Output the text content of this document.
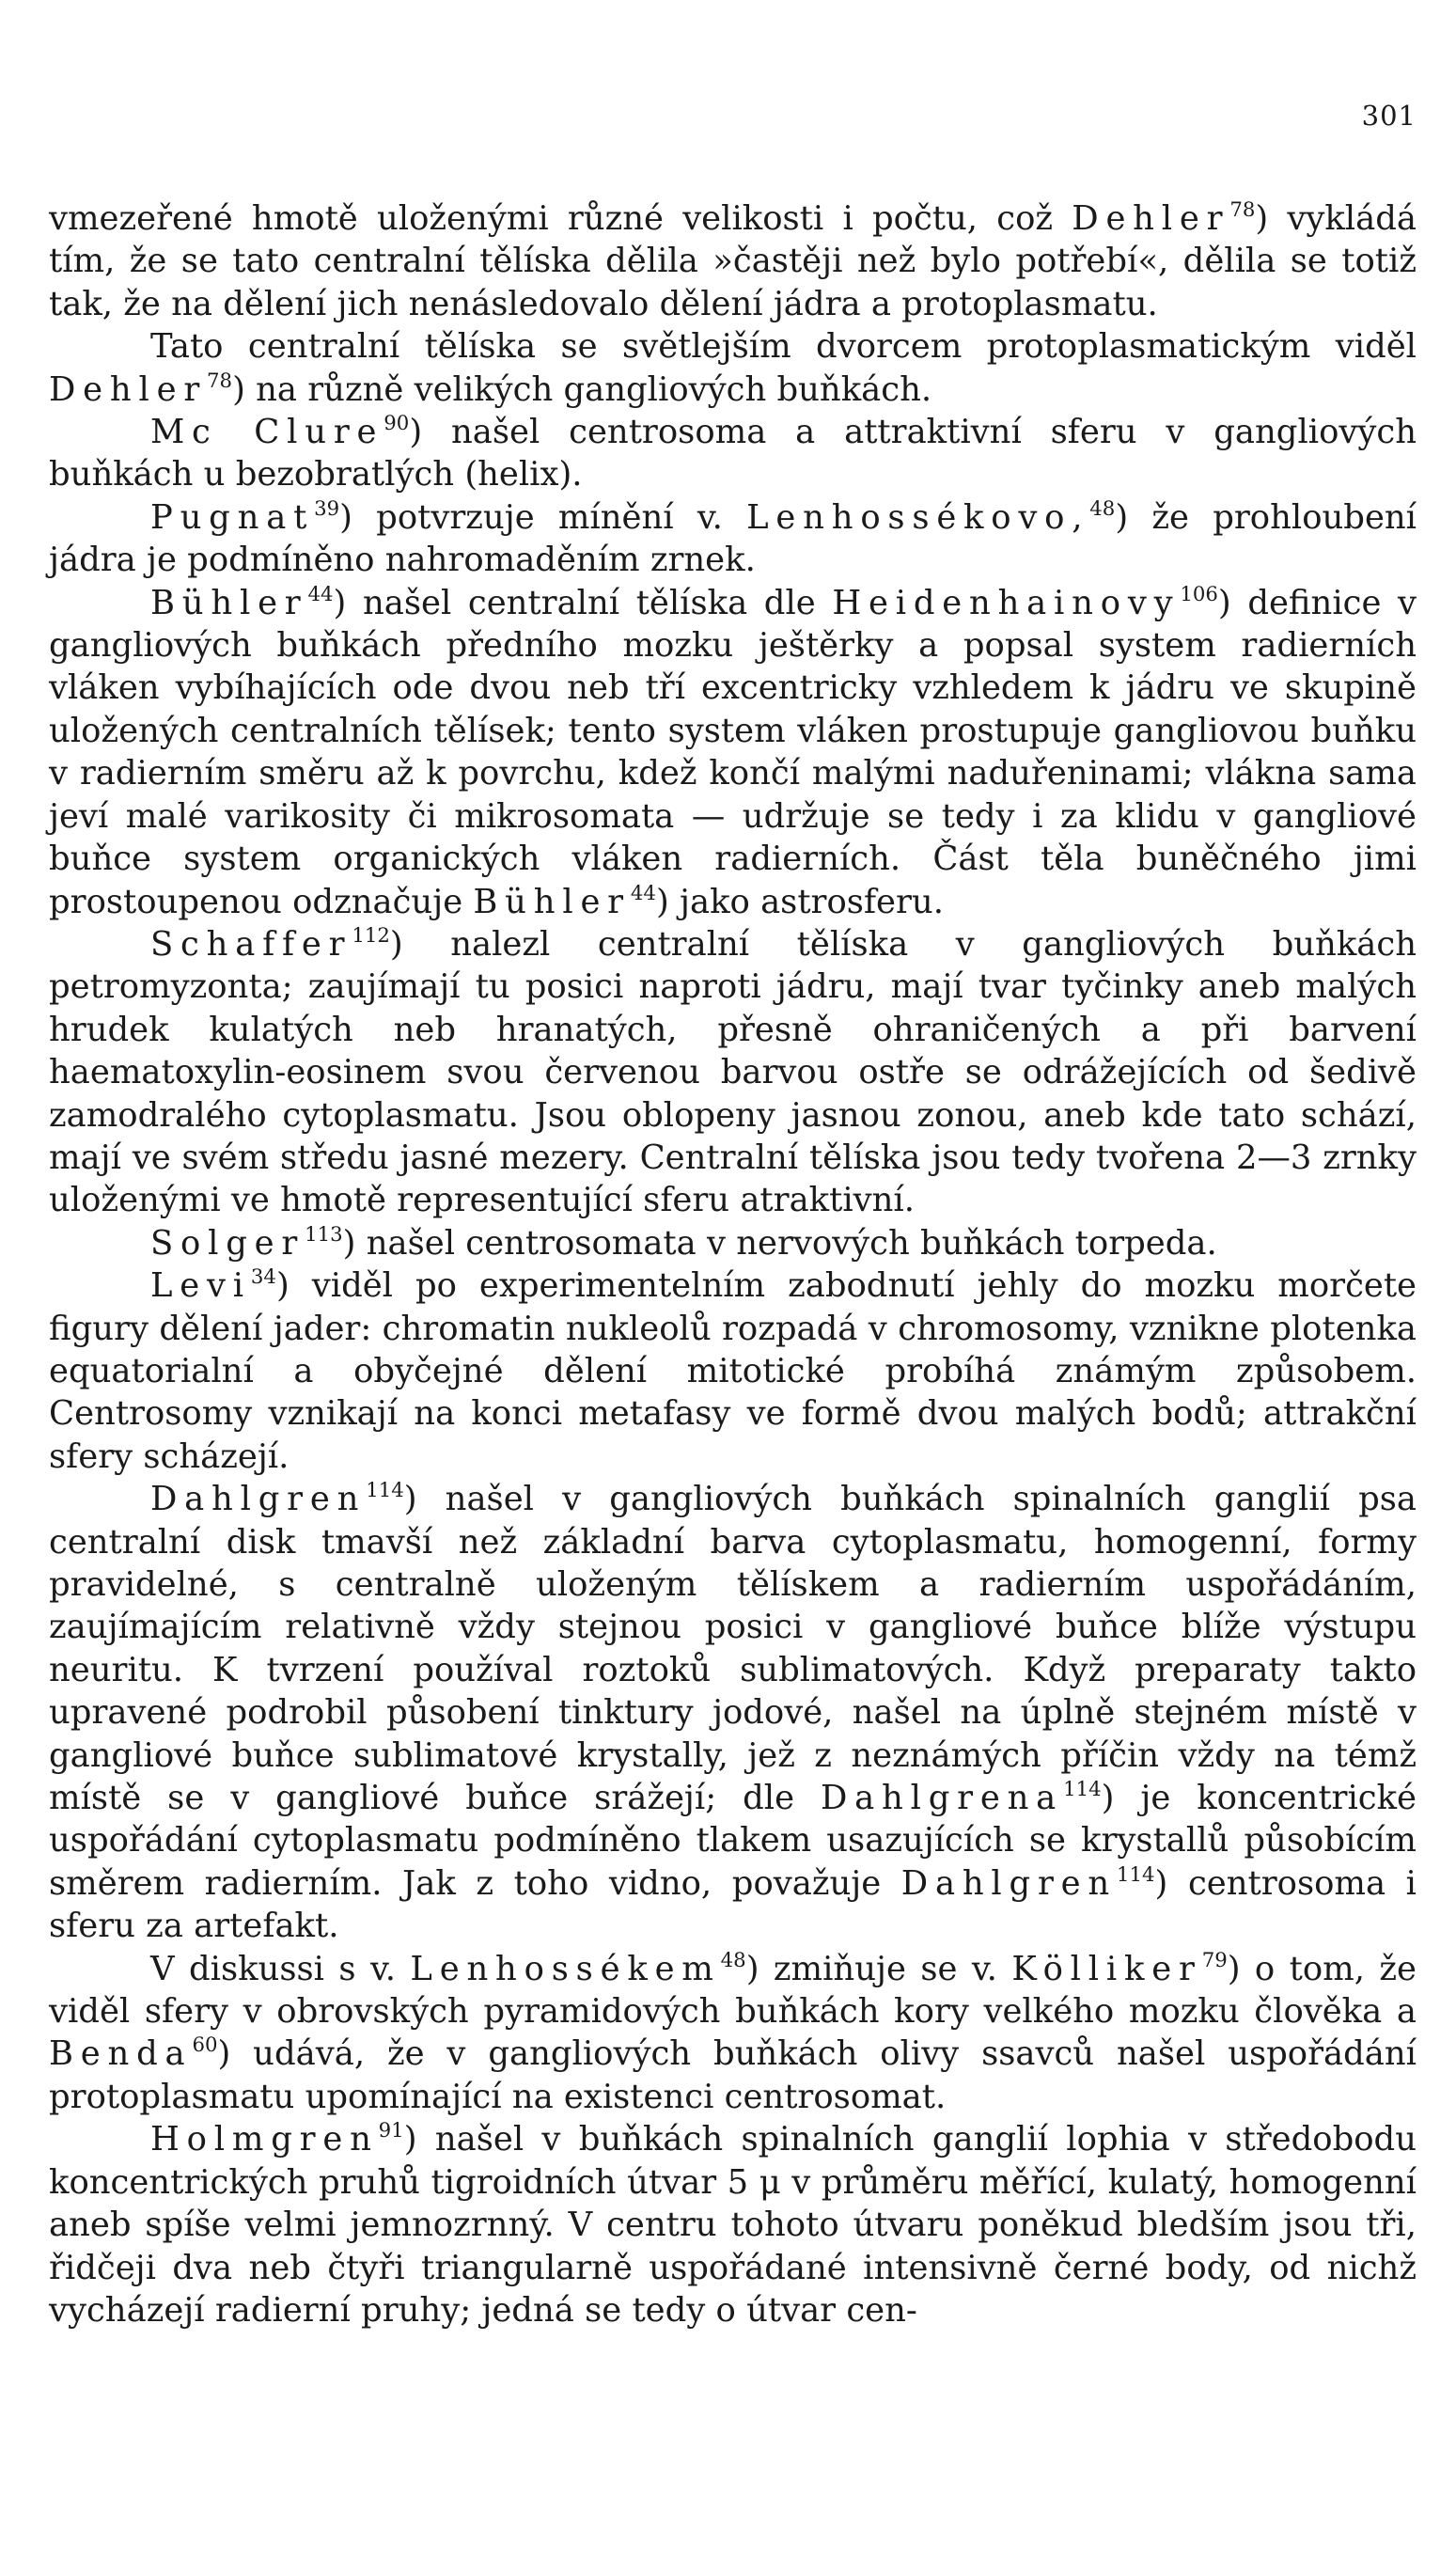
301

vmezeřené hmotě uloženými různé velikosti i počtu, což Dehler$^{78}$) vykládá tím, že se tato centralní tělíska dělila »častěji než bylo potřebí«, dělila se totiž tak, že na dělení jich nenásledovalo dělení jádra a protoplasmatu.

Tato centralní tělíska se světlejším dvorcem protoplasmatickým viděl Dehler$^{78}$) na různě velikých gangliových buňkách.

Mc Clure$^{90}$) našel centrosoma a attraktivní sferu v gangliových buňkách u bezobratlých (helix).

Pugnat$^{39}$) potvrzuje mínění v. Lenhossékovo,$^{48}$) že prohloubení jádra je podmíněno nahromaděním zrnek.

Bühler$^{44}$) našel centralní tělíska dle Heidenhainovy$^{106}$) definice v gangliových buňkách předního mozku ještěrky a popsal system radierních vláken vybíhajících ode dvou neb tří excentricky vzhledem k jádru ve skupině uložených centralních tělísek; tento system vláken prostupuje gangliovou buňku v radierním směru až k povrchu, kdež končí malými naduřeninami; vlákna sama jeví malé varikosity či mikrosomata — udržuje se tedy i za klidu v gangliové buňce system organických vláken radierních. Část těla buněčného jimi prostoupenou odznačuje Bühler$^{44}$) jako astrosferu.

Schaffer$^{112}$) nalezl centralní tělíska v gangliových buňkách petromyzonta; zaujímají tu posici naproti jádru, mají tvar tyčinky aneb malých hrudek kulatých neb hranatých, přesně ohraničených a při barvení haematoxylin-eosinem svou červenou barvou ostře se odrážejících od šedivě zamodralého cytoplasmatu. Jsou oblopeny jasnou zonou, aneb kde tato schází, mají ve svém středu jasné mezery. Centralní tělíska jsou tedy tvořena 2—3 zrnky uloženými ve hmotě representující sferu atraktivní.

Solger$^{113}$) našel centrosomata v nervových buňkách torpeda.

Levi$^{34}$) viděl po experimentelním zabodnutí jehly do mozku morčete figury dělení jader: chromatin nukleolů rozpadá v chromosomy, vznikne plotenka equatorialní a obyčejné dělení mitotické probíhá známým způsobem. Centrosomy vznikají na konci metafasy ve formě dvou malých bodů; attrakční sfery scházejí.

Dahlgren$^{114}$) našel v gangliových buňkách spinalních ganglií psa centralní disk tmavší než základní barva cytoplasmatu, homogenní, formy pravidelné, s centralně uloženým tělískem a radierním uspořádáním, zaujímajícím relativně vždy stejnou posici v gangliové buňce blíže výstupu neuritu. K tvrzení používal roztoků sublimatových. Když preparaty takto upravené podrobil působení tinktury jodové, našel na úplně stejném místě v gangliové buňce sublimatové krystally, jež z neznámých příčin vždy na témž místě se v gangliové buňce srážejí; dle Dahlgrena$^{114}$) je koncentrické uspořádání cytoplasmatu podmíněno tlakem usazujících se krystallů působícím směrem radierním. Jak z toho vidno, považuje Dahlgren$^{114}$) centrosoma i sferu za artefakt.

V diskussi s v. Lenhossékem$^{48}$) zmiňuje se v. Kölliker$^{79}$) o tom, že viděl sfery v obrovských pyramidových buňkách kory velkého mozku člověka a Benda$^{60}$) udává, že v gangliových buňkách olivy ssavců našel uspořádání protoplasmatu upomínající na existenci centrosomat.

Holmgren$^{91}$) našel v buňkách spinalních ganglií lophia v středobodu koncentrických pruhů tigroidních útvar 5 μ v průměru měřící, kulatý, homogenní aneb spíše velmi jemnozrnný. V centru tohoto útvaru poněkud bledším jsou tři, řidčeji dva neb čtyři triangularně uspořádané intensivně černé body, od nichž vycházejí radierní pruhy; jedná se tedy o útvar cen-
